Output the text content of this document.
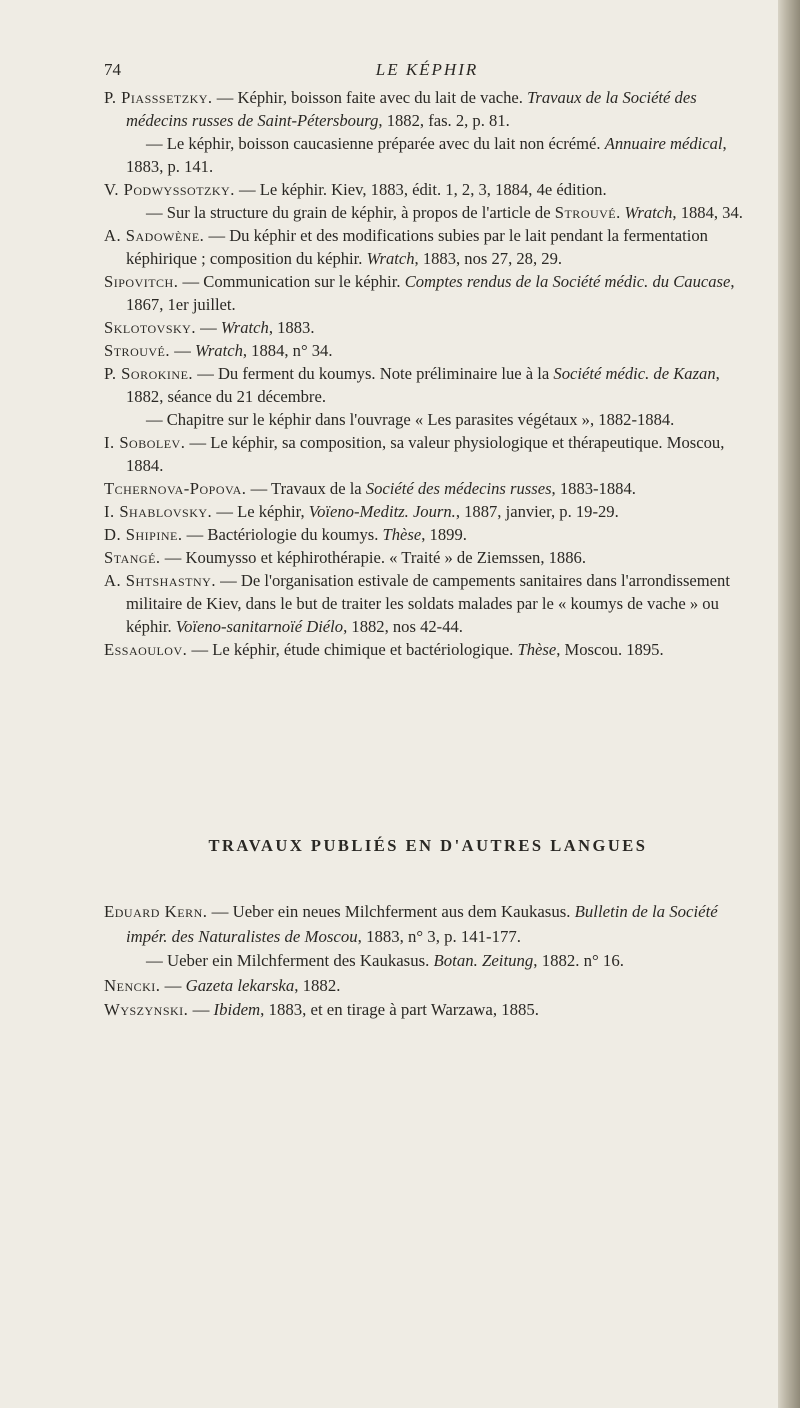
74	LE KÉPHIR

P. Piasssetzky. — Képhir, boisson faite avec du lait de vache. Travaux de la Société des médecins russes de Saint-Pétersbourg, 1882, fas. 2, p. 81.

— Le képhir, boisson caucasienne préparée avec du lait non écrémé. Annuaire médical, 1883, p. 141.

V. Podwyssotzky. — Le képhir. Kiev, 1883, édit. 1, 2, 3, 1884, 4e édition.

— Sur la structure du grain de képhir, à propos de l'article de Strouvé. Wratch, 1884, 34.

A. Sadowène. — Du képhir et des modifications subies par le lait pendant la fermentation képhirique ; composition du képhir. Wratch, 1883, nos 27, 28, 29.

Sipovitch. — Communication sur le képhir. Comptes rendus de la Société médic. du Caucase, 1867, 1er juillet.

Sklotovsky. — Wratch, 1883.

Strouvé. — Wratch, 1884, n° 34.

P. Sorokine. — Du ferment du koumys. Note préliminaire lue à la Société médic. de Kazan, 1882, séance du 21 décembre.

— Chapitre sur le képhir dans l'ouvrage « Les parasites végétaux », 1882-1884.

I. Sobolev. — Le képhir, sa composition, sa valeur physiologique et thérapeutique. Moscou, 1884.

Tchernova-Popova. — Travaux de la Société des médecins russes, 1883-1884.

I. Shablovsky. — Le képhir, Voïeno-Meditz. Journ., 1887, janvier, p. 19-29.

D. Shipine. — Bactériologie du koumys. Thèse, 1899.

Stangé. — Koumysso et képhirothérapie. « Traité » de Ziemssen, 1886.

A. Shtshastny. — De l'organisation estivale de campements sanitaires dans l'arrondissement militaire de Kiev, dans le but de traiter les soldats malades par le « koumys de vache » ou képhir. Voïeno-sanitarnoïé Diélo, 1882, nos 42-44.

Essaoulov. — Le képhir, étude chimique et bactériologique. Thèse, Moscou. 1895.

TRAVAUX PUBLIÉS EN D'AUTRES LANGUES

Eduard Kern. — Ueber ein neues Milchferment aus dem Kaukasus. Bulletin de la Société impér. des Naturalistes de Moscou, 1883, n° 3, p. 141-177.

— Ueber ein Milchferment des Kaukasus. Botan. Zeitung, 1882. n° 16.

Nencki. — Gazeta lekarska, 1882.

Wyszynski. — Ibidem, 1883, et en tirage à part Warzawa, 1885.
